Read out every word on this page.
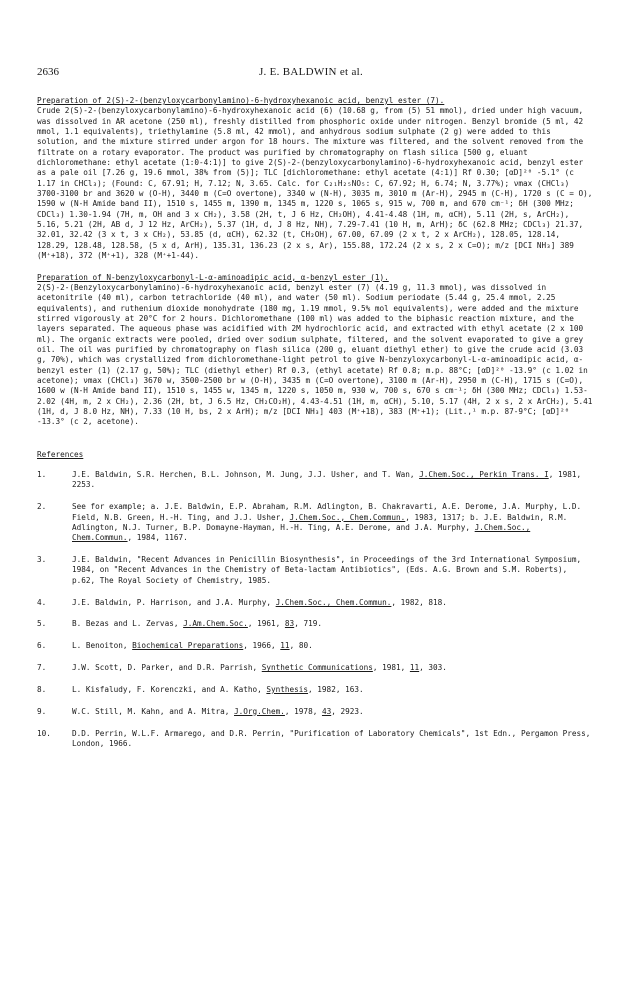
2636	J. E. BALDWIN et al.
Preparation of 2(S)-2-(benzyloxycarbonylamino)-6-hydroxyhexanoic acid, benzyl ester (7).

Crude 2(S)-2-(benzyloxycarbonylamino)-6-hydroxyhexanoic acid (6) (10.68 g, from (5) 51 mmol), dried under high vacuum, was dissolved in AR acetone (250 ml), freshly distilled from phosphoric oxide under nitrogen. Benzyl bromide (5 ml, 42 mmol, 1.1 equivalents), triethylamine (5.8 ml, 42 mmol), and anhydrous sodium sulphate (2 g) were added to this solution, and the mixture stirred under argon for 18 hours. The mixture was filtered, and the solvent removed from the filtrate on a rotary evaporator. The product was purified by chromatography on flash silica [500 g, eluant dichloromethane: ethyl acetate (1:0-4:1)] to give 2(S)-2-(benzyloxycarbonylamino)-6-hydroxyhexanoic acid, benzyl ester as a pale oil [7.26 g, 19.6 mmol, 38% from (5)]; TLC [dichloromethane: ethyl acetate (4:1)] Rf 0.30; [αD]²⁰ -5.1° (c 1.17 in CHCl₃); (Found: C, 67.91; H, 7.12; N, 3.65. Calc. for C₂₁H₂₅NO₅: C, 67.92; H, 6.74; N, 3.77%); νmax (CHCl₃) 3700-3100 br and 3620 w (O-H), 3440 m (C=O overtone), 3340 w (N-H), 3035 m, 3010 m (Ar-H), 2945 m (C-H), 1720 s (C = O), 1590 w (N-H Amide band II), 1510 s, 1455 m, 1390 m, 1345 m, 1220 s, 1065 s, 915 w, 700 m, and 670 cm⁻¹; δH (300 MHz; CDCl₃) 1.30-1.94 (7H, m, OH and 3 x CH₂), 3.58 (2H, t, J 6 Hz, CH₂OH), 4.41-4.48 (1H, m, αCH), 5.11 (2H, s, ArCH₂), 5.16, 5.21 (2H, AB d, J 12 Hz, ArCH₂), 5.37 (1H, d, J 8 Hz, NH), 7.29-7.41 (10 H, m, ArH); δC (62.8 MHz; CDCl₃) 21.37, 32.01, 32.42 (3 x t, 3 x CH₂), 53.85 (d, αCH), 62.32 (t, CH₂OH), 67.00, 67.09 (2 x t, 2 x ArCH₂), 128.05, 128.14, 128.29, 128.48, 128.58, (5 x d, ArH), 135.31, 136.23 (2 x s, Ar), 155.88, 172.24 (2 x s, 2 x C=O); m/z [DCI NH₃] 389 (M⁺+18), 372 (M⁺+1), 328 (M⁺+1-44).

Preparation of N-benzyloxycarbonyl-L-α-aminoadipic acid, α-benzyl ester (1).

2(S)-2-(Benzyloxycarbonylamino)-6-hydroxyhexanoic acid, benzyl ester (7) (4.19 g, 11.3 mmol), was dissolved in acetonitrile (40 ml), carbon tetrachloride (40 ml), and water (50 ml). Sodium periodate (5.44 g, 25.4 mmol, 2.25 equivalents), and ruthenium dioxide monohydrate (180 mg, 1.19 mmol, 9.5% mol equivalents), were added and the mixture stirred vigorously at 20°C for 2 hours. Dichloromethane (100 ml) was added to the biphasic reaction mixture, and the layers separated. The aqueous phase was acidified with 2M hydrochloric acid, and extracted with ethyl acetate (2 x 100 ml). The organic extracts were pooled, dried over sodium sulphate, filtered, and the solvent evaporated to give a grey oil. The oil was purified by chromatography on flash silica (200 g, eluant diethyl ether) to give the crude acid (3.03 g, 70%), which was crystallized from dichloromethane-light petrol to give N-benzyloxycarbonyl-L-α-aminoadipic acid, α-benzyl ester (1) (2.17 g, 50%); TLC (diethyl ether) Rf 0.3, (ethyl acetate) Rf 0.8; m.p. 88°C; [αD]²⁰ -13.9° (c 1.02 in acetone); νmax (CHCl₃) 3670 w, 3500-2500 br w (O-H), 3435 m (C=O overtone), 3100 m (Ar-H), 2950 m (C-H), 1715 s (C=O), 1600 w (N-H Amide band II), 1510 s, 1455 w, 1345 m, 1220 s, 1050 m, 930 w, 700 s, 670 s cm⁻¹; δH (300 MHz; CDCl₃) 1.53-2.02 (4H, m, 2 x CH₂), 2.36 (2H, bt, J 6.5 Hz, CH₂CO₂H), 4.43-4.51 (1H, m, αCH), 5.10, 5.17 (4H, 2 x s, 2 x ArCH₂), 5.41 (1H, d, J 8.0 Hz, NH), 7.33 (10 H, bs, 2 x ArH); m/z [DCI NH₃] 403 (M⁺+18), 383 (M⁺+1); (Lit.,¹ m.p. 87-9°C; [αD]²⁰ -13.3° (c 2, acetone).

References
1.	J.E. Baldwin, S.R. Herchen, B.L. Johnson, M. Jung, J.J. Usher, and T. Wan, J.Chem.Soc., Perkin Trans. I, 1981, 2253.
2.	See for example; a. J.E. Baldwin, E.P. Abraham, R.M. Adlington, B. Chakravarti, A.E. Derome, J.A. Murphy, L.D. Field, N.B. Green, H.-H. Ting, and J.J. Usher, J.Chem.Soc., Chem.Commun., 1983, 1317; b. J.E. Baldwin, R.M. Adlington, N.J. Turner, B.P. Domayne-Hayman, H.-H. Ting, A.E. Derome, and J.A. Murphy, J.Chem.Soc., Chem.Commun., 1984, 1167.
3.	J.E. Baldwin, "Recent Advances in Penicillin Biosynthesis", in Proceedings of the 3rd International Symposium, 1984, on "Recent Advances in the Chemistry of Beta-lactam Antibiotics", (Eds. A.G. Brown and S.M. Roberts), p.62, The Royal Society of Chemistry, 1985.
4.	J.E. Baldwin, P. Harrison, and J.A. Murphy, J.Chem.Soc., Chem.Commun., 1982, 818.
5.	B. Bezas and L. Zervas, J.Am.Chem.Soc., 1961, 83, 719.
6.	L. Benoiton, Biochemical Preparations, 1966, 11, 80.
7.	J.W. Scott, D. Parker, and D.R. Parrish, Synthetic Communications, 1981, 11, 303.
8.	L. Kisfaludy, F. Korenczki, and A. Katho, Synthesis, 1982, 163.
9.	W.C. Still, M. Kahn, and A. Mitra, J.Org.Chem., 1978, 43, 2923.
10.	D.D. Perrin, W.L.F. Armarego, and D.R. Perrin, "Purification of Laboratory Chemicals", 1st Edn., Pergamon Press, London, 1966.
